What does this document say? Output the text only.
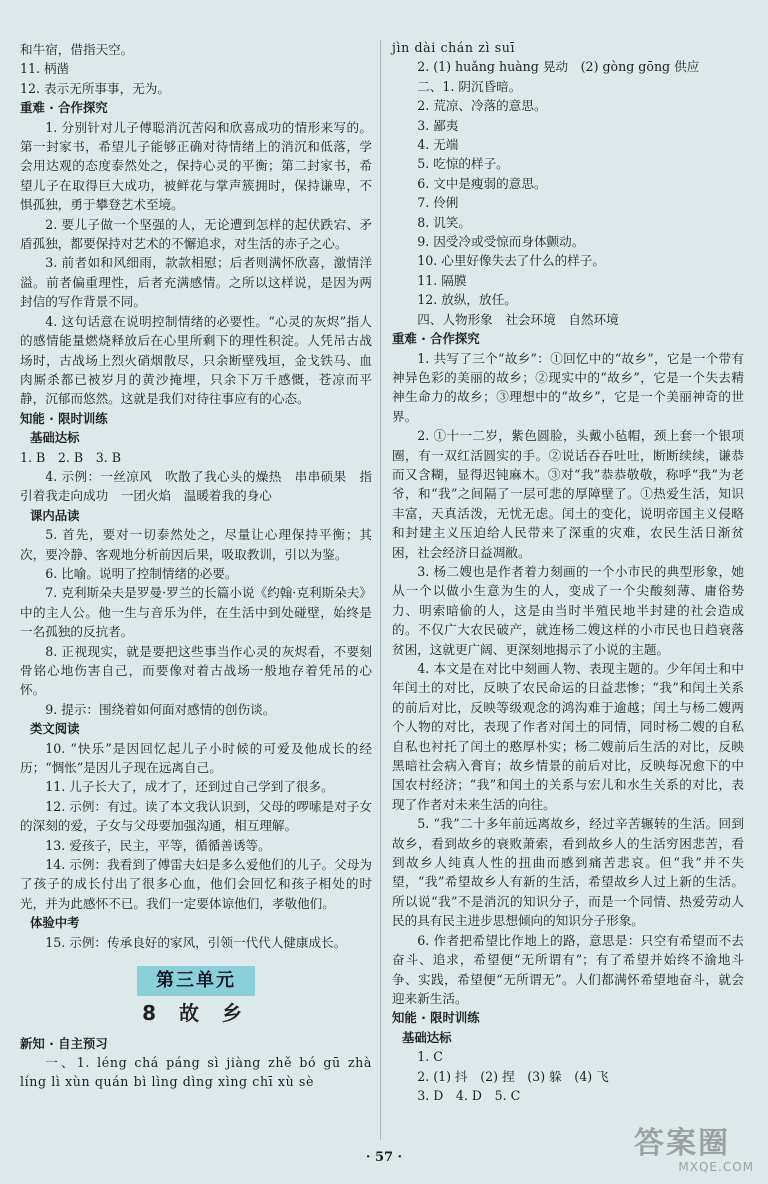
和牛宿，借指天空。

11. 柄凿

12. 表示无所事事，无为。

重难 · 合作探究

1. 分别针对儿子傅聪消沉苦闷和欣喜成功的情形来写的。第一封家书，希望儿子能够正确对待情绪上的消沉和低落，学会用达观的态度泰然处之，保持心灵的平衡；第二封家书，希望儿子在取得巨大成功，被鲜花与掌声簇拥时，保持谦卑，不惧孤独，勇于攀登艺术至境。

2. 要儿子做一个坚强的人，无论遭到怎样的起伏跌宕、矛盾孤独，都要保持对艺术的不懈追求，对生活的赤子之心。

3. 前者如和风细雨，款款相慰；后者则满怀欣喜，激情洋溢。前者偏重理性，后者充满感情。之所以这样说，是因为两封信的写作背景不同。

4. 这句话意在说明控制情绪的必要性。“心灵的灰烬”指人的感情能量燃烧释放后在心里所剩下的理性积淀。人凭吊古战场时，古战场上烈火硝烟散尽，只余断壁残垣，金戈铁马、血肉厮杀都已被岁月的黄沙掩埋，只余下万千感慨，苍凉而平静，沉郁而悠然。这就是我们对待往事应有的心态。

知能 · 限时训练

基础达标

1. B　2. B　3. B

4. 示例：一丝凉风　吹散了我心头的燥热　串串硕果　指引着我走向成功　一团火焰　温暖着我的身心

课内品读

5. 首先，要对一切泰然处之，尽量让心理保持平衡；其次，要冷静、客观地分析前因后果，吸取教训，引以为鉴。

6. 比喻。说明了控制情绪的必要。

7. 克利斯朵夫是罗曼·罗兰的长篇小说《约翰·克利斯朵夫》中的主人公。他一生与音乐为伴，在生活中到处碰壁，始终是一名孤独的反抗者。

8. 正视现实，就是要把这些事当作心灵的灰烬看，不要刻骨铭心地伤害自己，而要像对着古战场一般地存着凭吊的心怀。

9. 提示：围绕着如何面对感情的创伤谈。

类文阅读

10. “快乐”是因回忆起儿子小时候的可爱及他成长的经历；“惆怅”是因儿子现在远离自己。

11. 儿子长大了，成才了，还到过自己学到了很多。

12. 示例：有过。读了本文我认识到，父母的啰嗦是对子女的深刻的爱，子女与父母要加强沟通，相互理解。

13. 爱孩子，民主，平等，循循善诱等。

14. 示例：我看到了傅雷夫妇是多么爱他们的儿子。父母为了孩子的成长付出了很多心血，他们会回忆和孩子相处的时光，并为此感怀不已。我们一定要体谅他们，孝敬他们。

体验中考

15. 示例：传承良好的家风，引领一代代人健康成长。

第三单元
8 故 乡

新知 · 自主预习

一、1. léng chá páng sì jiàng zhě bó gū zhà líng lì xùn quán bì lìng dìng xìng chī xù sè

jìn dài chán zì suī

2. (1) huǎng huàng 晃动　(2) gòng gōng 供应

二、1. 阴沉昏暗。

2. 荒凉、冷落的意思。

3. 鄙夷

4. 无端

5. 吃惊的样子。

6. 文中是瘦弱的意思。

7. 伶俐

8. 讥笑。

9. 因受冷或受惊而身体颤动。

10. 心里好像失去了什么的样子。

11. 隔膜

12. 放纵，放任。

四、人物形象　社会环境　自然环境

重难 · 合作探究

1. 共写了三个“故乡”：①回忆中的“故乡”，它是一个带有神异色彩的美丽的故乡；②现实中的“故乡”，它是一个失去精神生命力的故乡；③理想中的“故乡”，它是一个美丽神奇的世界。

2. ①十一二岁，紫色圆脸，头戴小毡帽，颈上套一个银项圈，有一双红活圆实的手。②说话吞吞吐吐，断断续续，谦恭而又含糊，显得迟钝麻木。③对“我”恭恭敬敬，称呼“我”为老爷，和“我”之间隔了一层可悲的厚障壁了。①热爱生活，知识丰富，天真活泼，无忧无虑。闰土的变化，说明帝国主义侵略和封建主义压迫给人民带来了深重的灾难，农民生活日渐贫困，社会经济日益凋敝。

3. 杨二嫂也是作者着力刻画的一个小市民的典型形象，她从一个以做小生意为生的人，变成了一个尖酸刻薄、庸俗势力、明索暗偷的人，这是由当时半殖民地半封建的社会造成的。不仅广大农民破产，就连杨二嫂这样的小市民也日趋衰落贫困，这就更广阔、更深刻地揭示了小说的主题。

4. 本文是在对比中刻画人物、表现主题的。少年闰土和中年闰土的对比，反映了农民命运的日益悲惨；“我”和闰土关系的前后对比，反映等级观念的鸿沟难于逾越；闰土与杨二嫂两个人物的对比，表现了作者对闰土的同情，同时杨二嫂的自私自私也衬托了闰土的憨厚朴实；杨二嫂前后生活的对比，反映黑暗社会病入膏肓；故乡情景的前后对比，反映每况愈下的中国农村经济；“我”和闰土的关系与宏儿和水生关系的对比，表现了作者对未来生活的向往。

5. “我”二十多年前远离故乡，经过辛苦辗转的生活。回到故乡，看到故乡的衰败萧索，看到故乡人的生活穷困悲苦，看到故乡人纯真人性的扭曲而感到痛苦悲哀。但“我”并不失望，“我”希望故乡人有新的生活，希望故乡人过上新的生活。所以说“我”不是消沉的知识分子，而是一个同情、热爱劳动人民的具有民主进步思想倾向的知识分子形象。

6. 作者把希望比作地上的路，意思是：只空有希望而不去奋斗、追求，希望便“无所谓有”；有了希望并始终不渝地斗争、实践，希望便“无所谓无”。人们都满怀希望地奋斗，就会迎来新生活。

知能 · 限时训练

基础达标

1. C

2. (1) 抖　(2) 捏　(3) 躲　(4) 飞

3. D　4. D　5. C

· 57 ·	答案圈
MXQE.COM
